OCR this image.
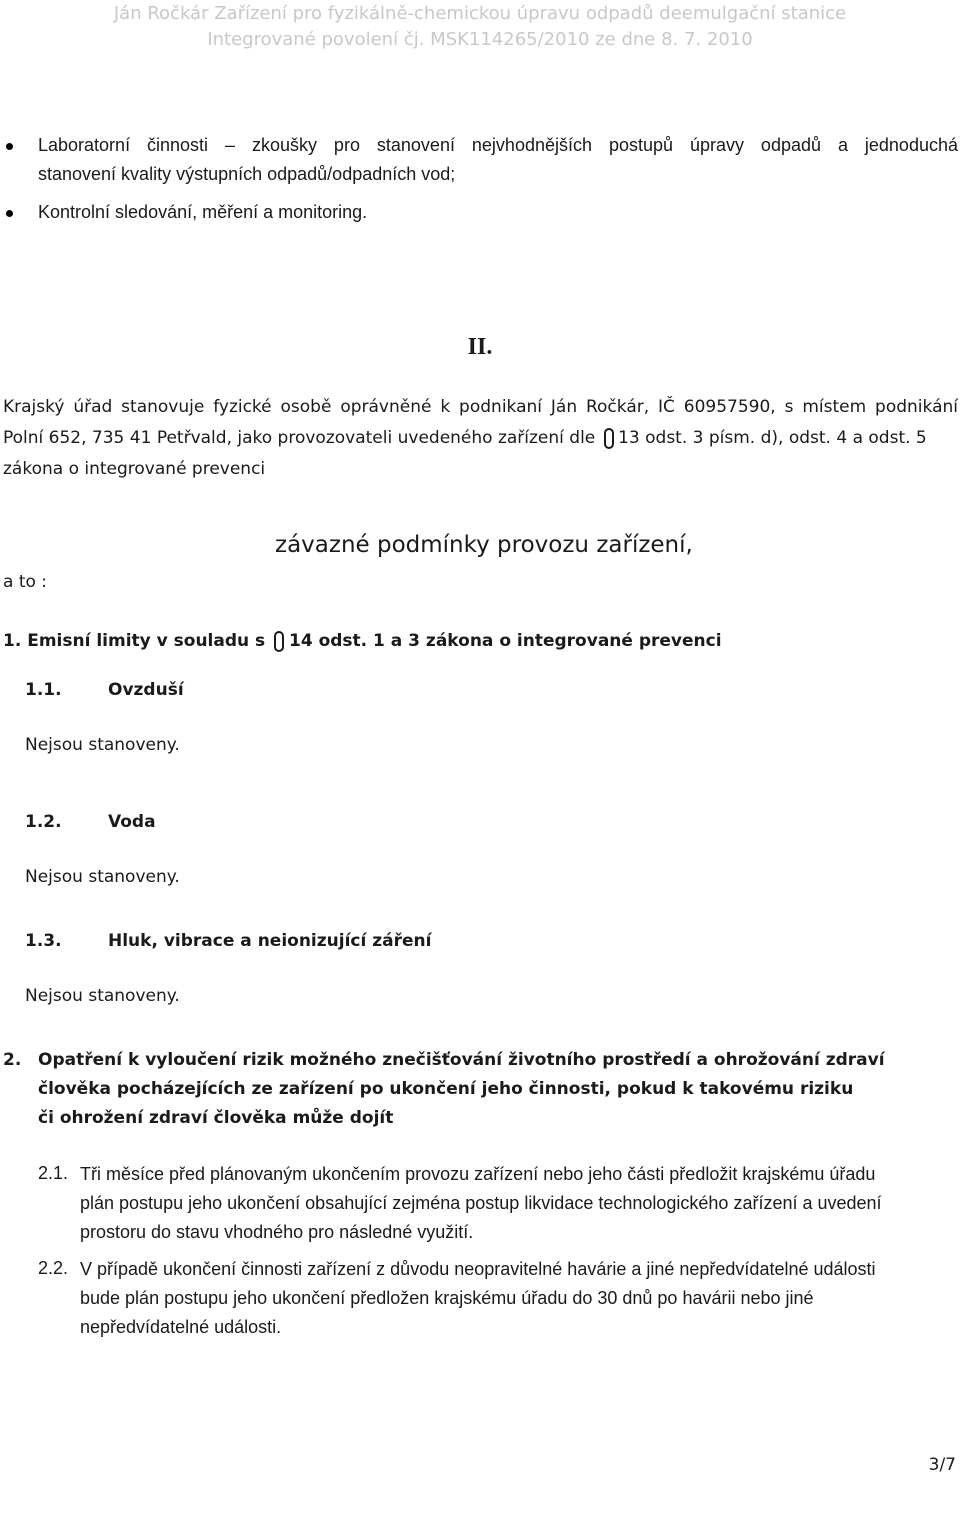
Ján Ročkár Zařízení pro fyzikálně-chemickou úpravu odpadů deemulgační stanice
Integrované povolení čj. MSK114265/2010 ze dne 8. 7. 2010
Laboratorní činnosti – zkoušky pro stanovení nejvhodnějších postupů úpravy odpadů a jednoduchá
stanovení kvality výstupních odpadů/odpadních vod;
Kontrolní sledování, měření a monitoring.
II.
Krajský úřad stanovuje fyzické osobě oprávněné k podnikaní Ján Ročkár, IČ 60957590, s místem podnikání
Polní 652, 735 41 Petřvald, jako provozovateli uvedeného zařízení dle 13 odst. 3 písm. d), odst. 4 a odst. 5
zákona o integrované prevenci
závazné podmínky provozu zařízení,
a to :
1. Emisní limity v souladu s 14 odst. 1 a 3 zákona o integrované prevenci
1.1.	Ovzduší
Nejsou stanoveny.
1.2.	Voda
Nejsou stanoveny.
1.3.	Hluk, vibrace a neionizující záření
Nejsou stanoveny.
2. Opatření k vyloučení rizik možného znečišťování životního prostředí a ohrožování zdraví
člověka pocházejících ze zařízení po ukončení jeho činnosti, pokud k takovému riziku
či ohrožení zdraví člověka může dojít
2.1. Tři měsíce před plánovaným ukončením provozu zařízení nebo jeho části předložit krajskému úřadu
plán postupu jeho ukončení obsahující zejména postup likvidace technologického zařízení a uvedení
prostoru do stavu vhodného pro následné využití.
2.2. V případě ukončení činnosti zařízení z důvodu neopravitelné havárie a jiné nepředvídatelné události
bude plán postupu jeho ukončení předložen krajskému úřadu do 30 dnů po havárii nebo jiné
nepředvídatelné události.
3/7
